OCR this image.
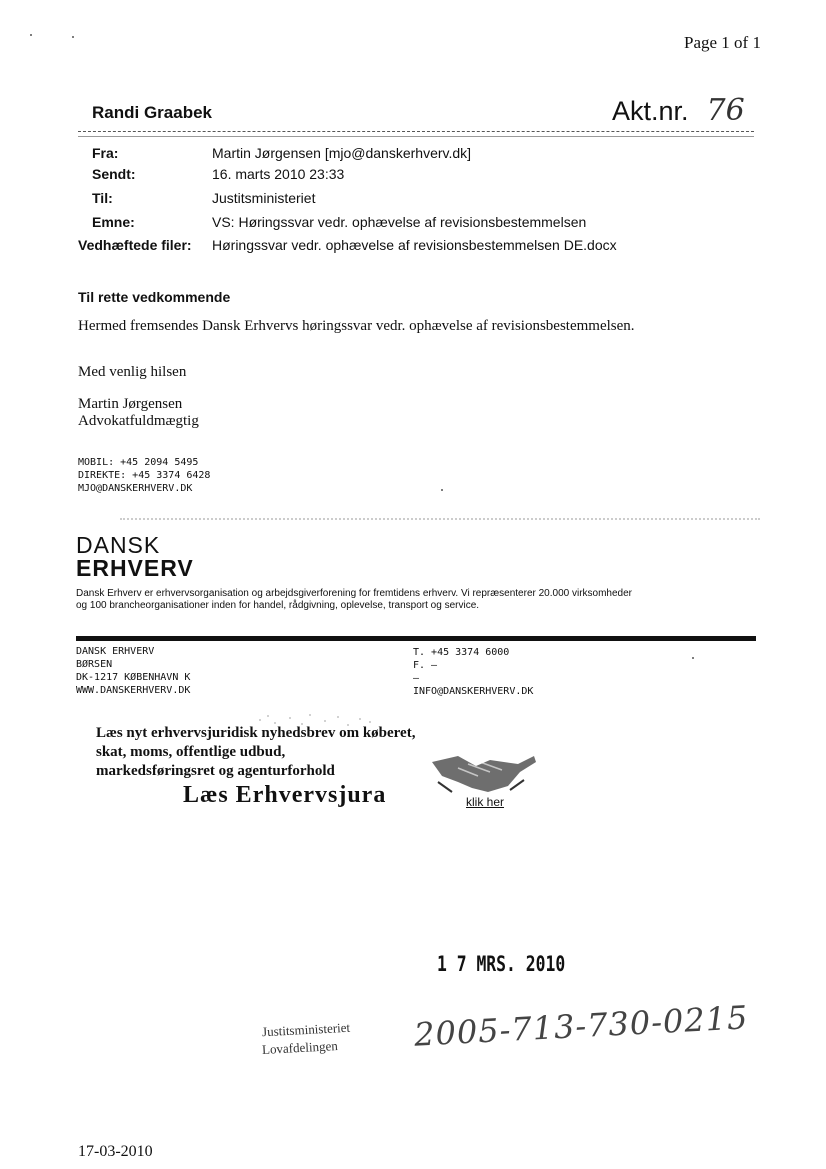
Page 1 of 1
Randi Graabek	Akt.nr. 76
Fra:	Martin Jørgensen [mjo@danskerhverv.dk]
Sendt:	16. marts 2010 23:33
Til:	Justitsministeriet
Emne:	VS: Høringssvar vedr. ophævelse af revisionsbestemmelsen
Vedhæftede filer: Høringssvar vedr. ophævelse af revisionsbestemmelsen DE.docx
Til rette vedkommende
Hermed fremsendes Dansk Erhvervs høringssvar vedr. ophævelse af revisionsbestemmelsen.
Med venlig hilsen
Martin Jørgensen
Advokatfuldmægtig
MOBIL: +45 2094 5495
DIREKTE: +45 3374 6428
MJO@DANSKERHVERV.DK
DANSK
ERHVERV
Dansk Erhverv er erhvervsorganisation og arbejdsgiverforening for fremtidens erhverv. Vi repræsenterer 20.000 virksomheder
og 100 brancheorganisationer inden for handel, rådgivning, oplevelse, transport og service.
DANSK ERHVERV
BØRSEN
DK-1217 KØBENHAVN K
WWW.DANSKERHVERV.DK
T. +45 3374 6000
F. –
–
INFO@DANSKERHVERV.DK
Læs nyt erhvervsjuridisk nyhedsbrev om køberet,
skat, moms, offentlige udbud,
markedsføringsret og agenturforhold
Læs Erhvervsjura	klik her
1 7 MRS. 2010
Justitsministeriet
Lovafdelingen 2005-713-730-0215
17-03-2010
